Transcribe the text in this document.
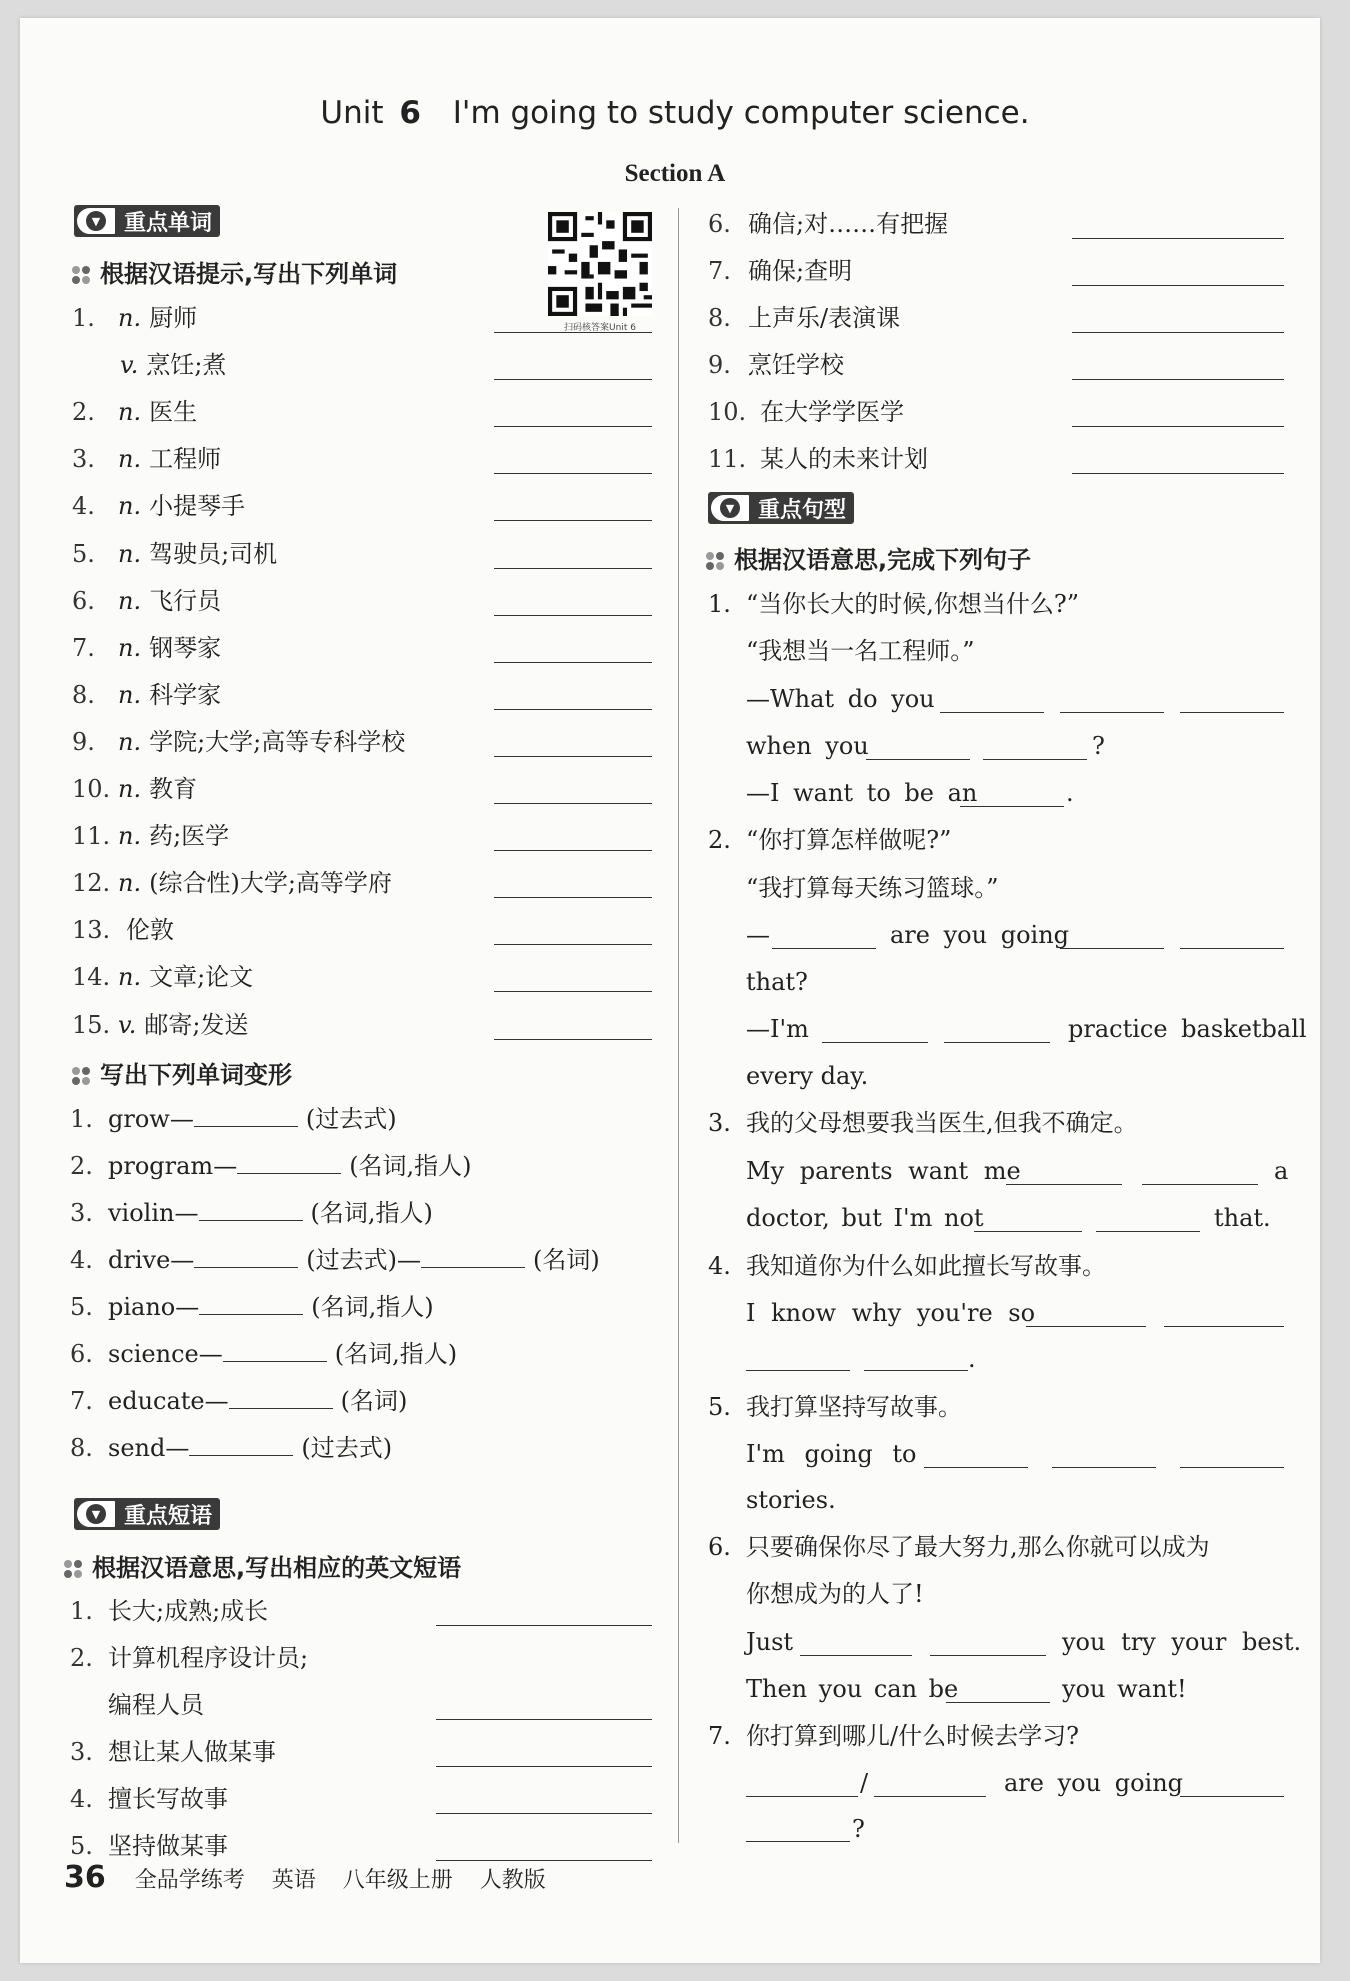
Unit 6 I'm going to study computer science.
Section A
扫码核答案Unit 6
▼ 重点单词
根据汉语提示,写出下列单词
1. n. 厨师
v. 烹饪;煮
2. n. 医生
3. n. 工程师
4. n. 小提琴手
5. n. 驾驶员;司机
6. n. 飞行员
7. n. 钢琴家
8. n. 科学家
9. n. 学院;大学;高等专科学校
10. n. 教育
11. n. 药;医学
12. n. (综合性)大学;高等学府
13. 伦敦
14. n. 文章;论文
15. v. 邮寄;发送
写出下列单词变形
1. grow—	(过去式)
2. program—	(名词,指人)
3. violin—	(名词,指人)
4. drive—	(过去式)—	(名词)
5. piano—	(名词,指人)
6. science—	(名词,指人)
7. educate—	(名词)
8. send—	(过去式)
▼ 重点短语
根据汉语意思,写出相应的英文短语
1. 长大;成熟;成长
2. 计算机程序设计员;
编程人员
3. 想让某人做某事
4. 擅长写故事
5. 坚持做某事
6. 确信;对……有把握
7. 确保;查明
8. 上声乐/表演课
9. 烹饪学校
10. 在大学学医学
11. 某人的未来计划
▼ 重点句型
根据汉语意思,完成下列句子
1. “当你长大的时候,你想当什么?”
“我想当一名工程师。”
—What do you
when you	?
—I want to be an	.
2. “你打算怎样做呢?”
“我打算每天练习篮球。”
—	are you going
that?
—I'm	practice basketball
every day.
3. 我的父母想要我当医生,但我不确定。
My parents want me	a
doctor, but I'm not	that.
4. 我知道你为什么如此擅长写故事。
I know why you're so
.
5. 我打算坚持写故事。
I'm going to
stories.
6. 只要确保你尽了最大努力,那么你就可以成为
你想成为的人了!
Just	you try your best.
Then you can be	you want!
7. 你打算到哪儿/什么时候去学习?
/	are you going
?
36 全品学练考 英语 八年级上册 人教版
